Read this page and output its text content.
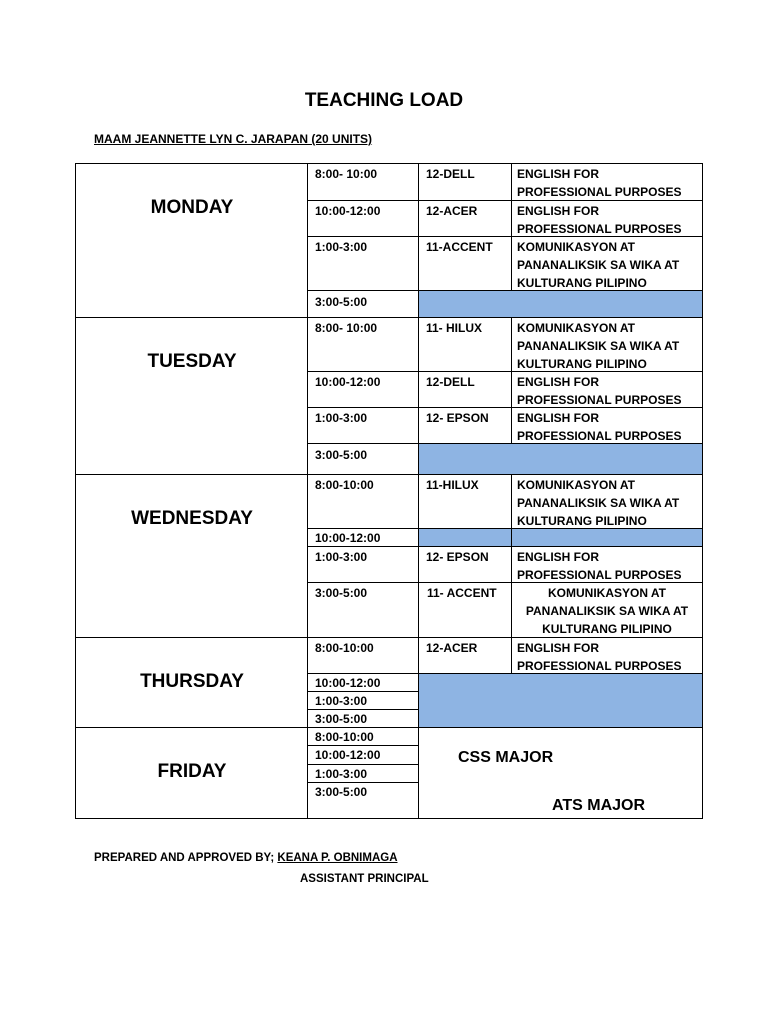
TEACHING LOAD
MAAM JEANNETTE LYN C. JARAPAN (20 UNITS)
MONDAY
8:00- 10:00	12-DELL	ENGLISH FOR PROFESSIONAL PURPOSES
10:00-12:00	12-ACER	ENGLISH FOR PROFESSIONAL PURPOSES
1:00-3:00	11-ACCENT	KOMUNIKASYON AT PANANALIKSIK SA WIKA AT KULTURANG PILIPINO
3:00-5:00
TUESDAY
8:00- 10:00	11- HILUX	KOMUNIKASYON AT PANANALIKSIK SA WIKA AT KULTURANG PILIPINO
10:00-12:00	12-DELL	ENGLISH FOR PROFESSIONAL PURPOSES
1:00-3:00	12- EPSON	ENGLISH FOR PROFESSIONAL PURPOSES
3:00-5:00
WEDNESDAY
8:00-10:00	11-HILUX	KOMUNIKASYON AT PANANALIKSIK SA WIKA AT KULTURANG PILIPINO
10:00-12:00
1:00-3:00	12- EPSON	ENGLISH FOR PROFESSIONAL PURPOSES
3:00-5:00	11- ACCENT	KOMUNIKASYON AT PANANALIKSIK SA WIKA AT KULTURANG PILIPINO
THURSDAY
8:00-10:00	12-ACER	ENGLISH FOR PROFESSIONAL PURPOSES
10:00-12:00
1:00-3:00
3:00-5:00
FRIDAY
8:00-10:00
10:00-12:00
1:00-3:00
3:00-5:00
CSS MAJOR
ATS MAJOR
PREPARED AND APPROVED BY; KEANA P. OBNIMAGA
ASSISTANT PRINCIPAL
